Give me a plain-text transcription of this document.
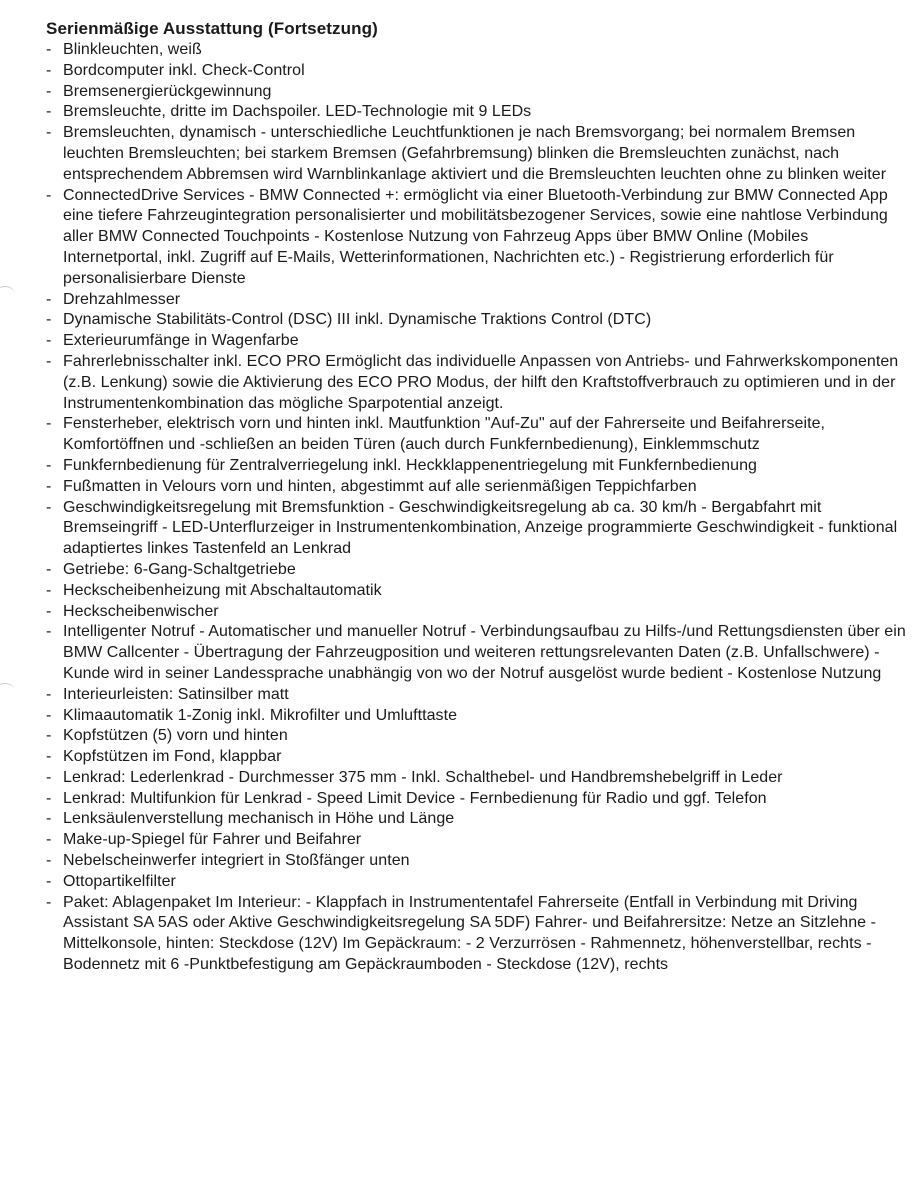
Serienmäßige Ausstattung (Fortsetzung)
- Blinkleuchten, weiß
- Bordcomputer inkl. Check-Control
- Bremsenergierückgewinnung
- Bremsleuchte, dritte im Dachspoiler. LED-Technologie mit 9 LEDs
- Bremsleuchten, dynamisch - unterschiedliche Leuchtfunktionen je nach Bremsvorgang; bei normalem Bremsen leuchten Bremsleuchten; bei starkem Bremsen (Gefahrbremsung) blinken die Bremsleuchten zunächst, nach entsprechendem Abbremsen wird Warnblinkanlage aktiviert und die Bremsleuchten leuchten ohne zu blinken weiter
- ConnectedDrive Services - BMW Connected +: ermöglicht via einer Bluetooth-Verbindung zur BMW Connected App eine tiefere Fahrzeugintegration personalisierter und mobilitätsbezogener Services, sowie eine nahtlose Verbindung aller BMW Connected Touchpoints - Kostenlose Nutzung von Fahrzeug Apps über BMW Online (Mobiles Internetportal, inkl. Zugriff auf E-Mails, Wetterinformationen, Nachrichten etc.) - Registrierung erforderlich für personalisierbare Dienste
- Drehzahlmesser
- Dynamische Stabilitäts-Control (DSC) III inkl. Dynamische Traktions Control (DTC)
- Exterieurumfänge in Wagenfarbe
- Fahrerlebnisschalter inkl. ECO PRO Ermöglicht das individuelle Anpassen von Antriebs- und Fahrwerkskomponenten (z.B. Lenkung) sowie die Aktivierung des ECO PRO Modus, der hilft den Kraftstoffverbrauch zu optimieren und in der Instrumentenkombination das mögliche Sparpotential anzeigt.
- Fensterheber, elektrisch vorn und hinten inkl. Mautfunktion "Auf-Zu" auf der Fahrerseite und Beifahrerseite, Komfortöffnen und -schließen an beiden Türen (auch durch Funkfernbedienung), Einklemmschutz
- Funkfernbedienung für Zentralverriegelung inkl. Heckklappenentriegelung mit Funkfernbedienung
- Fußmatten in Velours vorn und hinten, abgestimmt auf alle serienmäßigen Teppichfarben
- Geschwindigkeitsregelung mit Bremsfunktion - Geschwindigkeitsregelung ab ca. 30 km/h - Bergabfahrt mit Bremseingriff - LED-Unterflurzeiger in Instrumentenkombination, Anzeige programmierte Geschwindigkeit - funktional adaptiertes linkes Tastenfeld an Lenkrad
- Getriebe: 6-Gang-Schaltgetriebe
- Heckscheibenheizung mit Abschaltautomatik
- Heckscheibenwischer
- Intelligenter Notruf - Automatischer und manueller Notruf - Verbindungsaufbau zu Hilfs-/und Rettungsdiensten über ein BMW Callcenter - Übertragung der Fahrzeugposition und weiteren rettungsrelevanten Daten (z.B. Unfallschwere) - Kunde wird in seiner Landessprache unabhängig von wo der Notruf ausgelöst wurde bedient - Kostenlose Nutzung
- Interieurleisten: Satinsilber matt
- Klimaautomatik 1-Zonig inkl. Mikrofilter und Umlufttaste
- Kopfstützen (5) vorn und hinten
- Kopfstützen im Fond, klappbar
- Lenkrad: Lederlenkrad - Durchmesser 375 mm - Inkl. Schalthebel- und Handbremshebelgriff in Leder
- Lenkrad: Multifunkion für Lenkrad - Speed Limit Device - Fernbedienung für Radio und ggf. Telefon
- Lenksäulenverstellung mechanisch in Höhe und Länge
- Make-up-Spiegel für Fahrer und Beifahrer
- Nebelscheinwerfer integriert in Stoßfänger unten
- Ottopartikelfilter
- Paket: Ablagenpaket Im Interieur: - Klappfach in Instrumententafel Fahrerseite (Entfall in Verbindung mit Driving Assistant SA 5AS oder Aktive Geschwindigkeitsregelung SA 5DF) Fahrer- und Beifahrersitze: Netze an Sitzlehne - Mittelkonsole, hinten: Steckdose (12V) Im Gepäckraum: - 2 Verzurrösen - Rahmennetz, höhenverstellbar, rechts - Bodennetz mit 6 -Punktbefestigung am Gepäckraumboden - Steckdose (12V), rechts
